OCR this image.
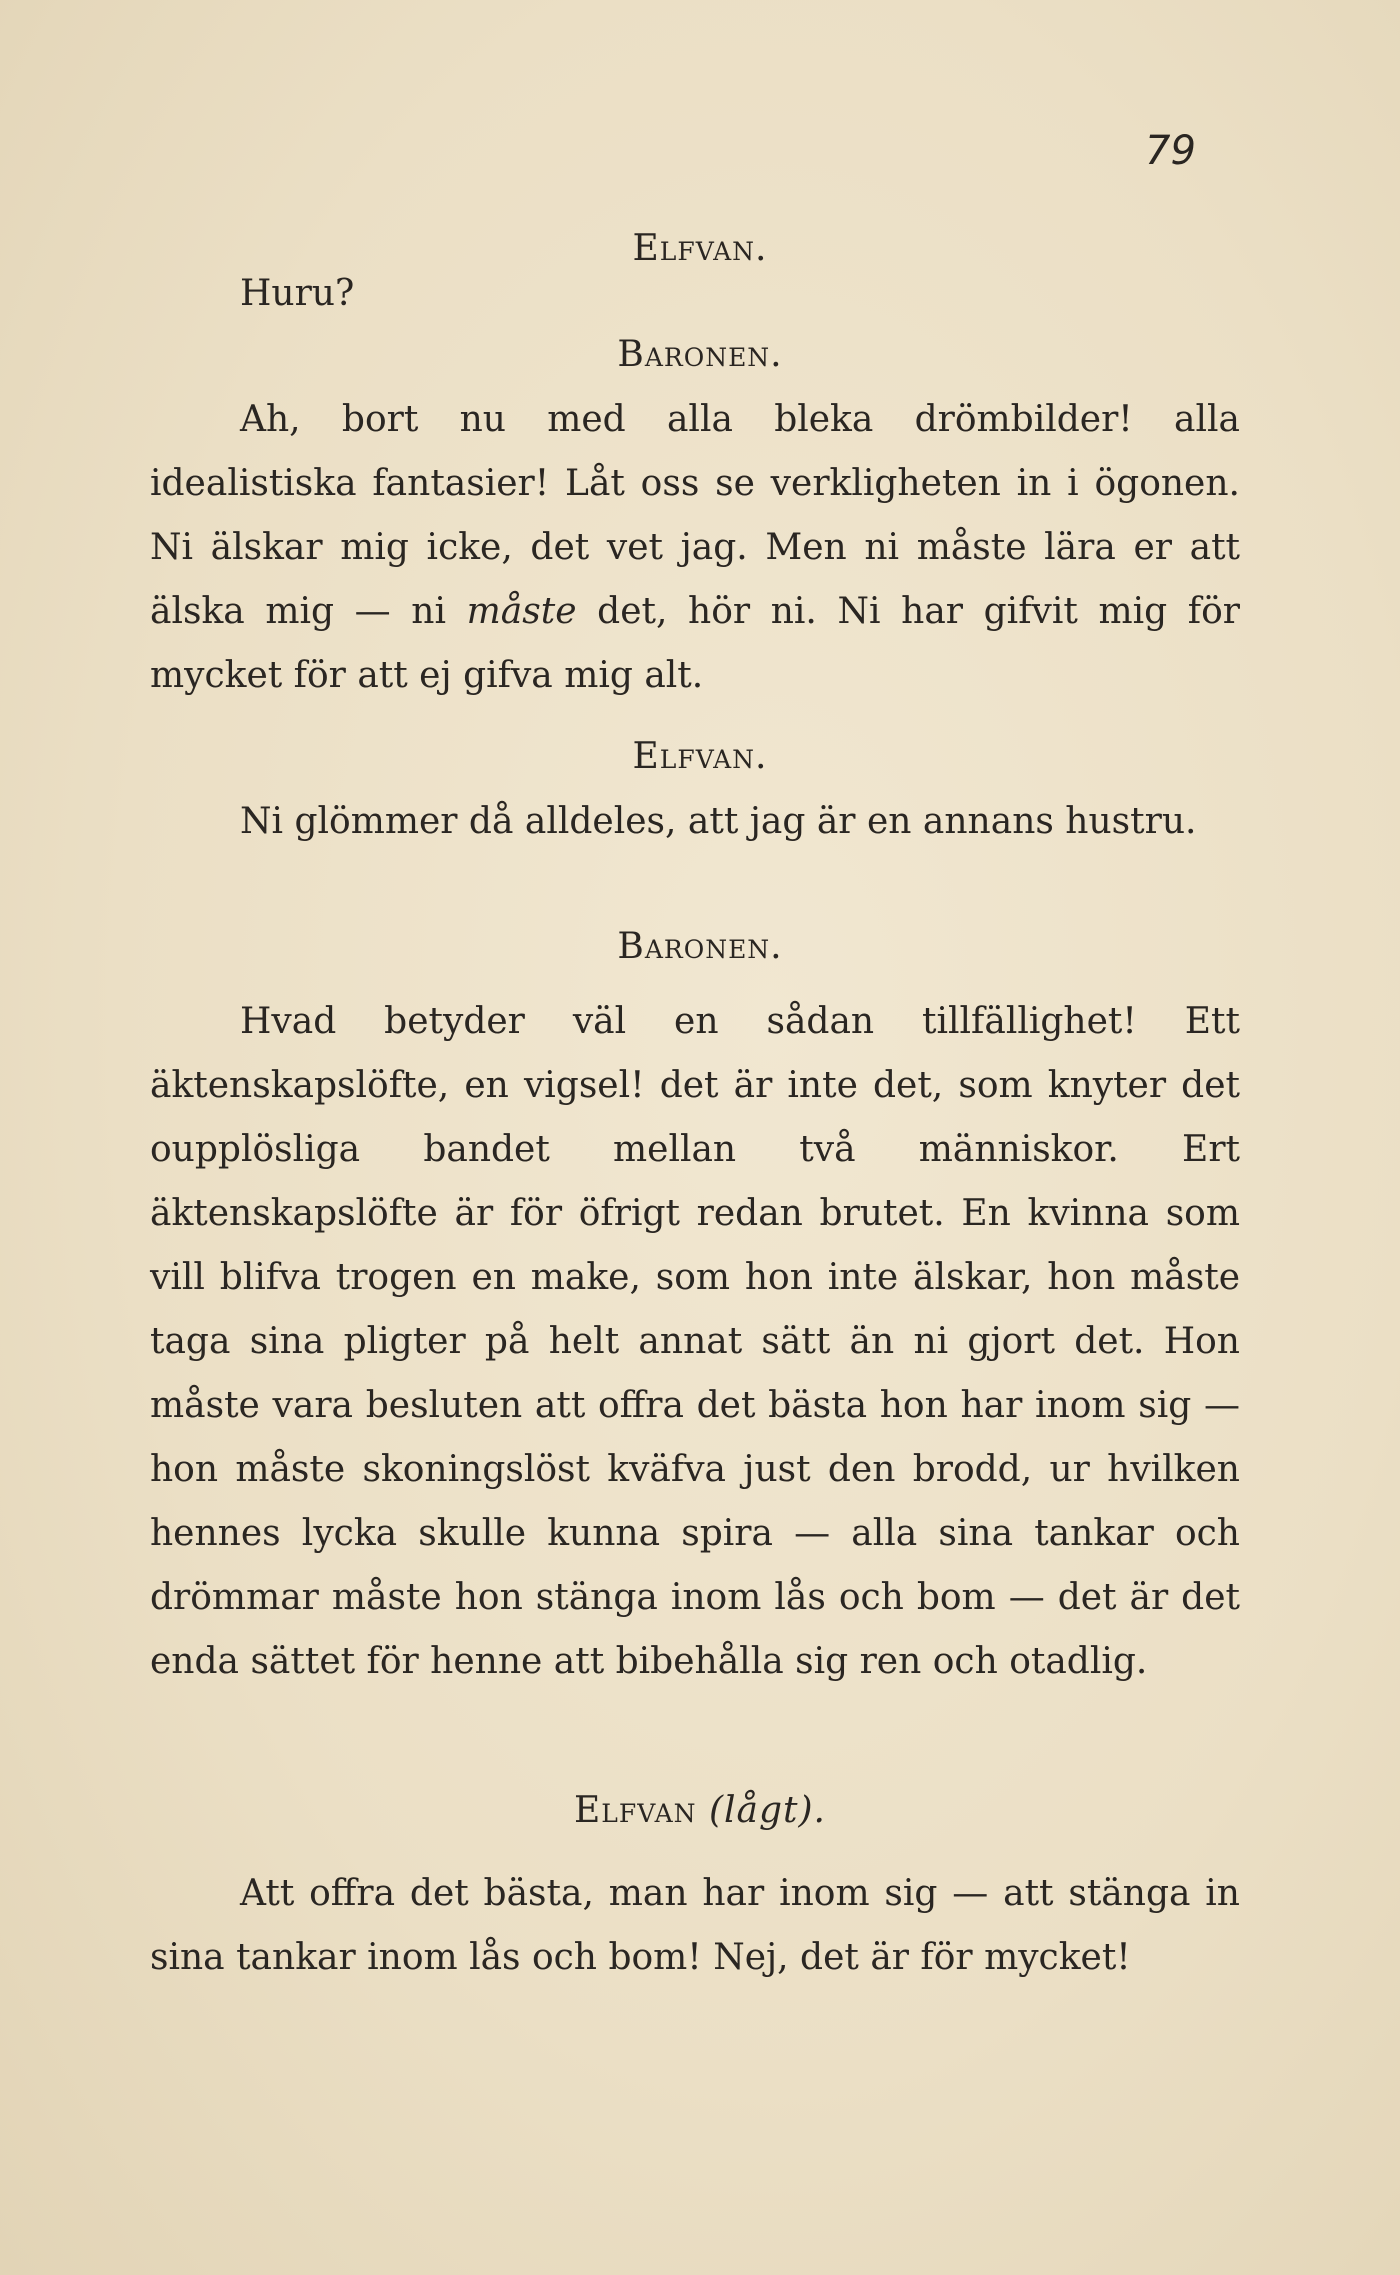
79
Elfvan.

Huru?

Baronen.

Ah, bort nu med alla bleka drömbilder! alla idealistiska fantasier! Låt oss se verkligheten in i ögonen. Ni älskar mig icke, det vet jag. Men ni måste lära er att älska mig — ni måste det, hör ni. Ni har gifvit mig för mycket för att ej gifva mig alt.

Elfvan.

Ni glömmer då alldeles, att jag är en annans hustru.

Baronen.

Hvad betyder väl en sådan tillfällighet! Ett äktenskapslöfte, en vigsel! det är inte det, som knyter det oupplösliga bandet mellan två människor. Ert äktenskapslöfte är för öfrigt redan brutet. En kvinna som vill blifva trogen en make, som hon inte älskar, hon måste taga sina pligter på helt annat sätt än ni gjort det. Hon måste vara besluten att offra det bästa hon har inom sig — hon måste skoningslöst kväfva just den brodd, ur hvilken hennes lycka skulle kunna spira — alla sina tankar och drömmar måste hon stänga inom lås och bom — det är det enda sättet för henne att bibehålla sig ren och otadlig.

Elfvan (lågt).

Att offra det bästa, man har inom sig — att stänga in sina tankar inom lås och bom! Nej, det är för mycket!
